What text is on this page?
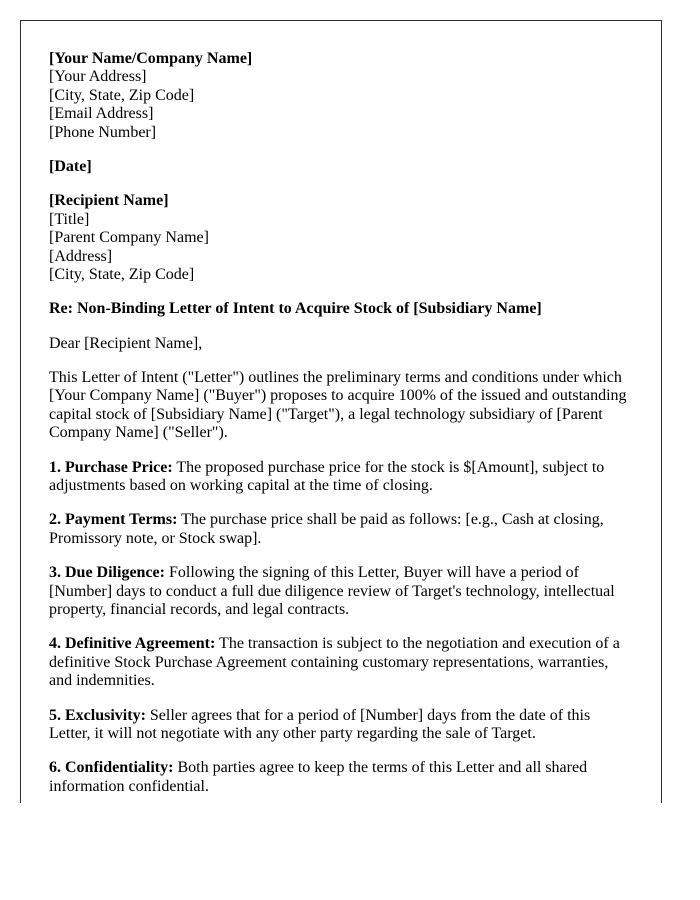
[Your Name/Company Name]
[Your Address]
[City, State, Zip Code]
[Email Address]
[Phone Number]
[Date]
[Recipient Name]
[Title]
[Parent Company Name]
[Address]
[City, State, Zip Code]

Re: Non-Binding Letter of Intent to Acquire Stock of [Subsidiary Name]

Dear [Recipient Name],

This Letter of Intent ("Letter") outlines the preliminary terms and conditions under which [Your Company Name] ("Buyer") proposes to acquire 100% of the issued and outstanding capital stock of [Subsidiary Name] ("Target"), a legal technology subsidiary of [Parent Company Name] ("Seller").

1. Purchase Price: The proposed purchase price for the stock is $[Amount], subject to adjustments based on working capital at the time of closing.

2. Payment Terms: The purchase price shall be paid as follows: [e.g., Cash at closing, Promissory note, or Stock swap].

3. Due Diligence: Following the signing of this Letter, Buyer will have a period of [Number] days to conduct a full due diligence review of Target's technology, intellectual property, financial records, and legal contracts.

4. Definitive Agreement: The transaction is subject to the negotiation and execution of a definitive Stock Purchase Agreement containing customary representations, warranties, and indemnities.

5. Exclusivity: Seller agrees that for a period of [Number] days from the date of this Letter, it will not negotiate with any other party regarding the sale of Target.

6. Confidentiality: Both parties agree to keep the terms of this Letter and all shared information confidential.
